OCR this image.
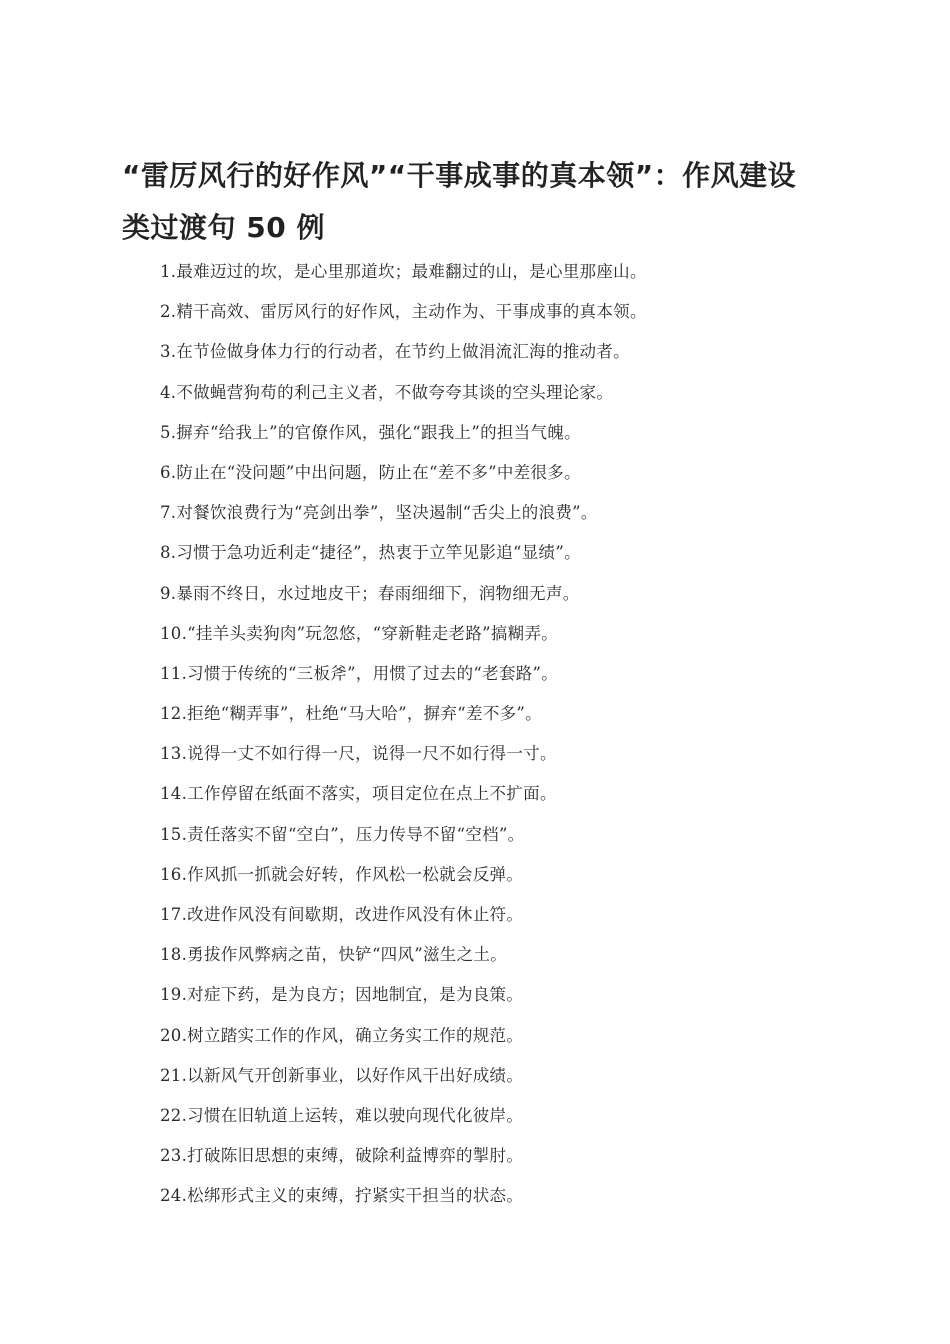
“雷厉风行的好作风”“干事成事的真本领”：作风建设类过渡句 50 例
1.最难迈过的坎，是心里那道坎；最难翻过的山，是心里那座山。
2.精干高效、雷厉风行的好作风，主动作为、干事成事的真本领。
3.在节俭做身体力行的行动者，在节约上做涓流汇海的推动者。
4.不做蝇营狗苟的利己主义者，不做夸夸其谈的空头理论家。
5.摒弃“给我上”的官僚作风，强化“跟我上”的担当气魄。
6.防止在“没问题”中出问题，防止在“差不多”中差很多。
7.对餐饮浪费行为“亮剑出拳”，坚决遏制“舌尖上的浪费”。
8.习惯于急功近利走“捷径”，热衷于立竿见影追“显绩”。
9.暴雨不终日，水过地皮干；春雨细细下，润物细无声。
10.“挂羊头卖狗肉”玩忽悠，“穿新鞋走老路”搞糊弄。
11.习惯于传统的“三板斧”，用惯了过去的“老套路”。
12.拒绝“糊弄事”，杜绝“马大哈”，摒弃“差不多”。
13.说得一丈不如行得一尺，说得一尺不如行得一寸。
14.工作停留在纸面不落实，项目定位在点上不扩面。
15.责任落实不留“空白”，压力传导不留“空档”。
16.作风抓一抓就会好转，作风松一松就会反弹。
17.改进作风没有间歇期，改进作风没有休止符。
18.勇拔作风弊病之苗，快铲“四风”滋生之土。
19.对症下药，是为良方；因地制宜，是为良策。
20.树立踏实工作的作风，确立务实工作的规范。
21.以新风气开创新事业，以好作风干出好成绩。
22.习惯在旧轨道上运转，难以驶向现代化彼岸。
23.打破陈旧思想的束缚，破除利益博弈的掣肘。
24.松绑形式主义的束缚，拧紧实干担当的状态。
